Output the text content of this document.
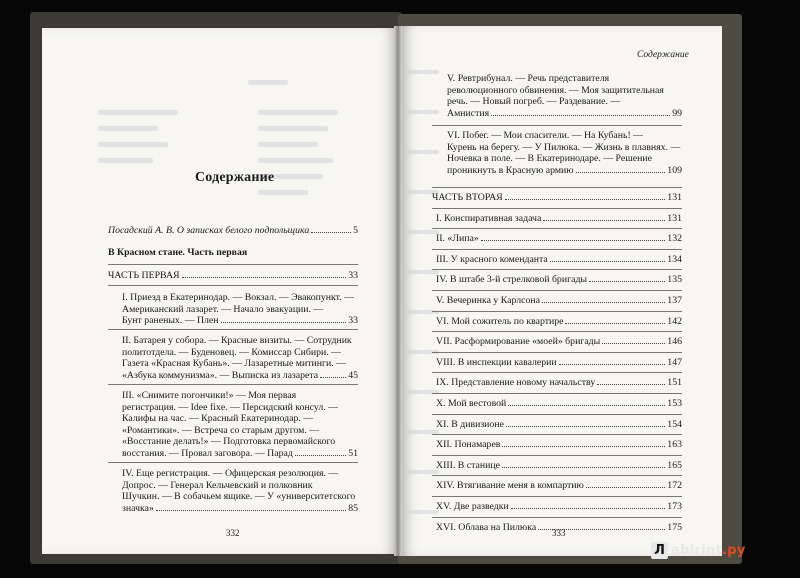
Содержание
Посадский А. В. О записках белого подпольщика	5
В Красном стане. Часть первая
ЧАСТЬ ПЕРВАЯ	33
I. Приезд в Екатеринодар. — Вокзал. — Эвакопункт. —
Американский лазарет. — Начало эвакуации. —
Бунт раненых. — Плен	33
II. Батарея у собора. — Красные визиты. — Сотрудник
политотдела. — Буденовец. — Комиссар Сибири. —
Газета «Красная Кубань». — Лазаретные митинги. —
«Азбука коммунизма». — Выписка из лазарета	45
III. «Снимите погончики!» — Моя первая
регистрация. — Idee fixe. — Персидский консул. —
Калифы на час. — Красный Екатеринодар. —
«Романтики». — Встреча со старым другом. —
«Восстание делать!» — Подготовка первомайского
восстания. — Провал заговора. — Парад	51
IV. Еще регистрация. — Офицерская резолюция. —
Допрос. — Генерал Кельчевский и полковник
Шучкин. — В собачьем ящике. — У «университетского
значка»	85
332
Содержание
V. Ревтрибунал. — Речь представителя
революционного обвинения. — Моя защитительная
речь. — Новый погреб. — Раздевание. —
Амнистия	99
VI. Побег. — Мои спасители. — На Кубань! —
Курень на берегу. — У Пилюка. — Жизнь в плавнях. —
Ночевка в поле. — В Екатеринодаре. — Решение
проникнуть в Красную армию	109
ЧАСТЬ ВТОРАЯ	131
I. Конспиративная задача	131
II. «Липа»	132
III. У красного коменданта	134
IV. В штабе 3-й стрелковой бригады	135
V. Вечеринка у Карлсона	137
VI. Мой сожитель по квартире	142
VII. Расформирование «моей» бригады	146
VIII. В инспекции кавалерии	147
IX. Представление новому начальству	151
X. Мой вестовой	153
XI. В дивизионе	154
XII. Понамарев	163
XIII. В станице	165
XIV. Втягивание меня в компартию	172
XV. Две разведки	173
XVI. Облава на Пилюка	175
333
Л abirint.ру
